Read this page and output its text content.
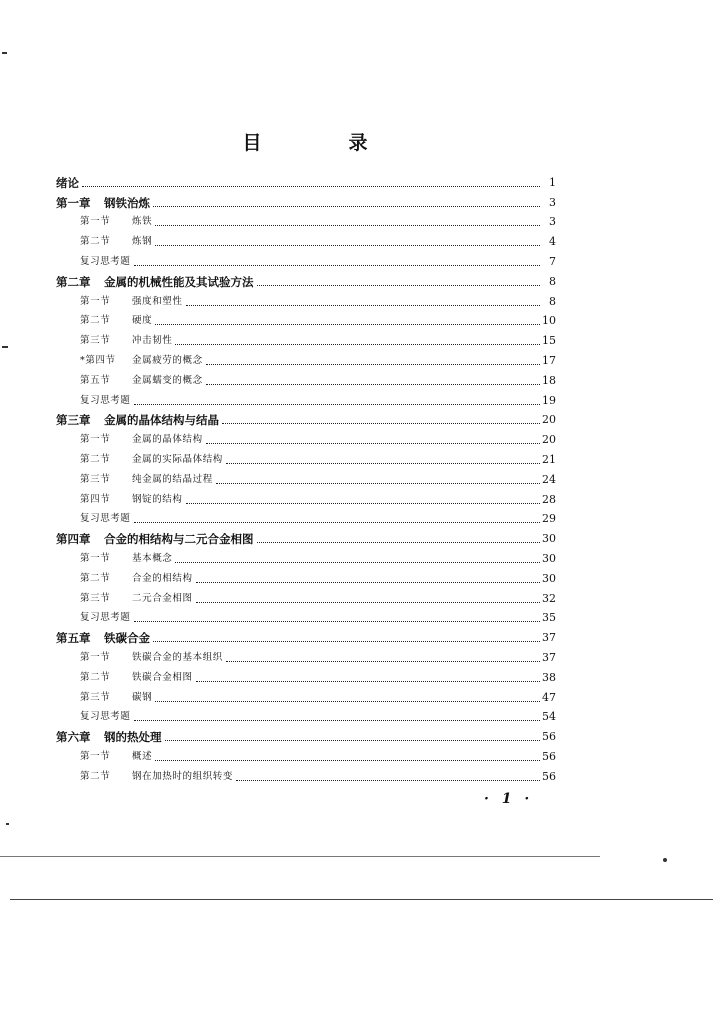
目　录
绪论	1
第一章 钢铁治炼	3
第一节 炼铁	3
第二节 炼钢	4
复习思考题	7
第二章 金属的机械性能及其试验方法	8
第一节 强度和塑性	8
第二节 硬度	10
第三节 冲击韧性	15
*第四节 金属疲劳的概念	17
第五节 金属蠕变的概念	18
复习思考题	19
第三章 金属的晶体结构与结晶	20
第一节 金属的晶体结构	20
第二节 金属的实际晶体结构	21
第三节 纯金属的结晶过程	24
第四节 钢锭的结构	28
复习思考题	29
第四章 合金的相结构与二元合金相图	30
第一节 基本概念	30
第二节 合金的相结构	30
第三节 二元合金相图	32
复习思考题	35
第五章 铁碳合金	37
第一节 铁碳合金的基本组织	37
第二节 铁碳合金相图	38
第三节 碳钢	47
复习思考题	54
第六章 钢的热处理	56
第一节 概述	56
第二节 钢在加热时的组织转变	56
· 1 ·
